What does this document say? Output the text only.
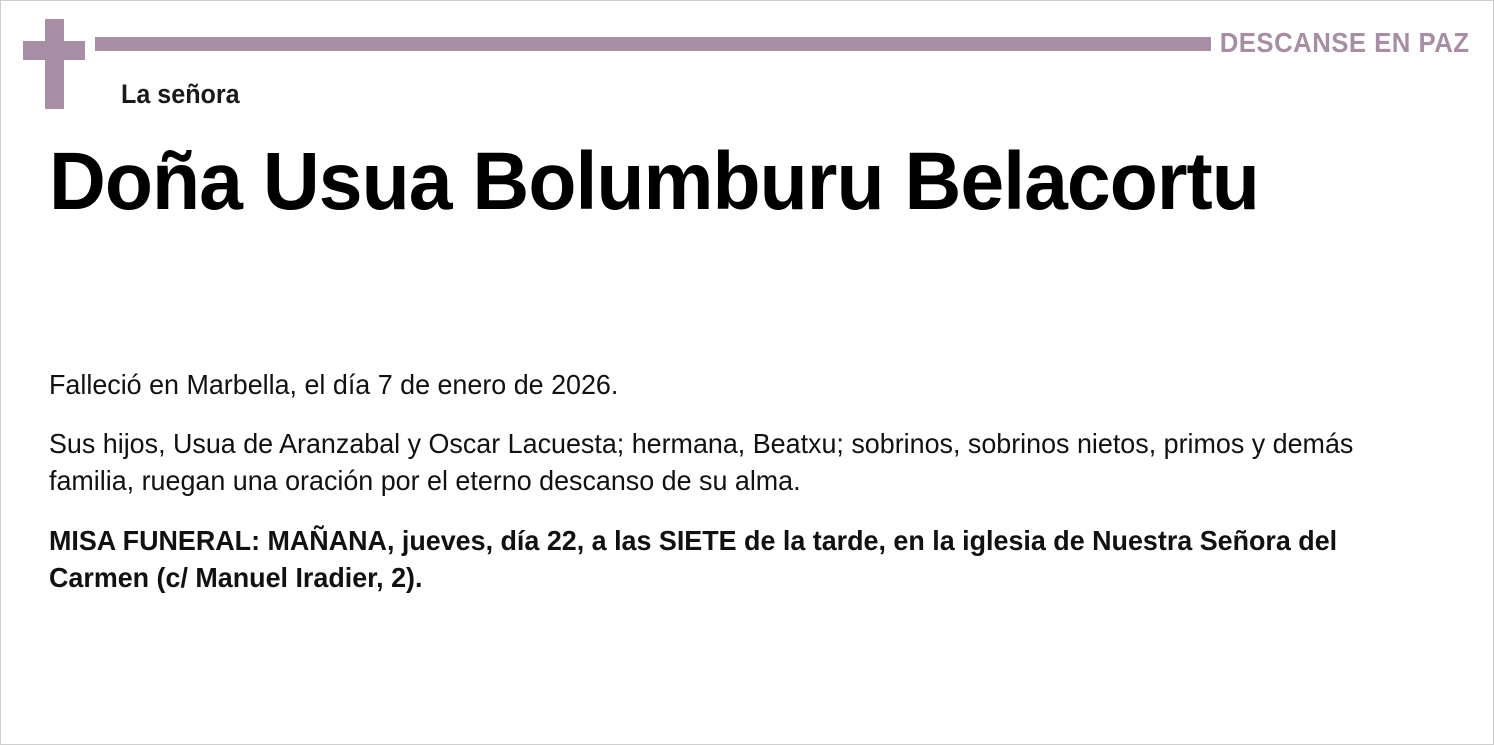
DESCANSE EN PAZ
La señora
Doña Usua Bolumburu Belacortu

Falleció en Marbella, el día 7 de enero de 2026.

Sus hijos, Usua de Aranzabal y Oscar Lacuesta; hermana, Beatxu; sobrinos, sobrinos nietos, primos y demás familia, ruegan una oración por el eterno descanso de su alma.

MISA FUNERAL: MAÑANA, jueves, día 22, a las SIETE de la tarde, en la iglesia de Nuestra Señora del Carmen (c/ Manuel Iradier, 2).
